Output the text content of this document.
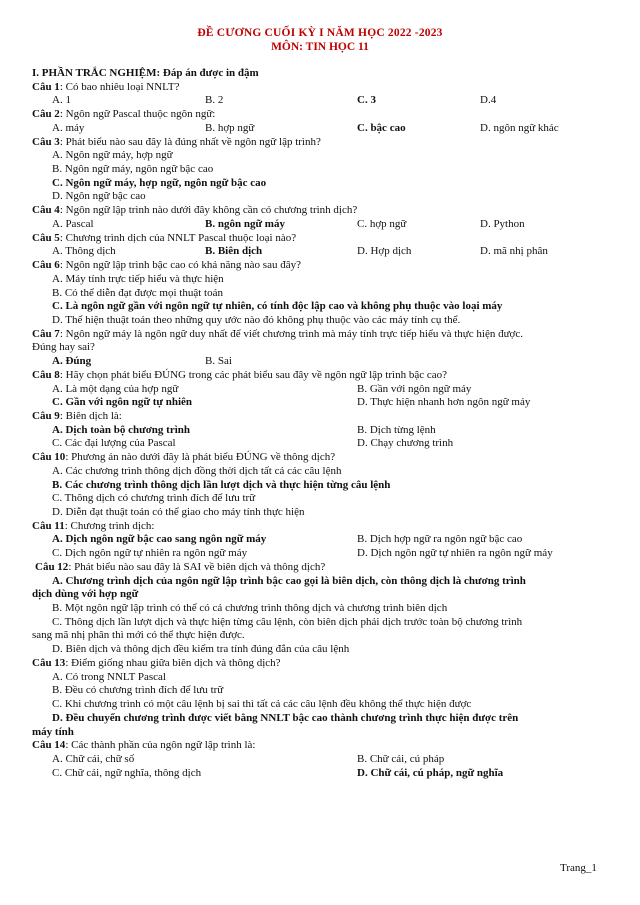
ĐỀ CƯƠNG CUỐI KỲ I NĂM HỌC 2022 -2023
MÔN: TIN HỌC 11
I. PHẦN TRẮC NGHIỆM: Đáp án được in đậm
Câu 1: Có bao nhiêu loại NNLT?
A. 1	B. 2	C. 3	D.4
Câu 2: Ngôn ngữ Pascal thuộc ngôn ngữ:
A. máy	B. hợp ngữ	C. bậc cao	D. ngôn ngữ khác
Câu 3: Phát biểu nào sau đây là đúng nhất về ngôn ngữ lập trình?
A. Ngôn ngữ máy, hợp ngữ
B. Ngôn ngữ máy, ngôn ngữ bậc cao
C. Ngôn ngữ máy, hợp ngữ, ngôn ngữ bậc cao
D. Ngôn ngữ bậc cao
Câu 4: Ngôn ngữ lập trình nào dưới đây không cần có chương trình dịch?
A. Pascal	B. ngôn ngữ máy	C. hợp ngữ	D. Python
Câu 5: Chương trình dịch của NNLT Pascal thuộc loại nào?
A. Thông dịch	B. Biên dịch	D. Hợp dịch	D. mã nhị phân
Câu 6: Ngôn ngữ lập trình bậc cao có khả năng nào sau đây?
A. Máy tính trực tiếp hiểu và thực hiện
B. Có thể diễn đạt được mọi thuật toán
C. Là ngôn ngữ gần với ngôn ngữ tự nhiên, có tính độc lập cao và không phụ thuộc vào loại máy
D. Thể hiện thuật toán theo những quy ước nào đó không phụ thuộc vào các máy tính cụ thể.
Câu 7: Ngôn ngữ máy là ngôn ngữ duy nhất để viết chương trình mà máy tính trực tiếp hiểu và thực hiện được.
Đúng hay sai?
A. Đúng	B. Sai
Câu 8: Hãy chọn phát biểu ĐÚNG trong các phát biểu sau đây về ngôn ngữ lập trình bậc cao?
A. Là một dạng của hợp ngữ	B. Gần với ngôn ngữ máy
C. Gần với ngôn ngữ tự nhiên	D. Thực hiện nhanh hơn ngôn ngữ máy
Câu 9: Biên dịch là:
A. Dịch toàn bộ chương trình	B. Dịch từng lệnh
C. Các đại lượng của Pascal	D. Chạy chương trình
Câu 10: Phương án nào dưới đây là phát biểu ĐÚNG về thông dịch?
A. Các chương trình thông dịch đồng thời dịch tất cả các câu lệnh
B. Các chương trình thông dịch lần lượt dịch và thực hiện từng câu lệnh
C. Thông dịch có chương trình đích để lưu trữ
D. Diễn đạt thuật toán có thể giao cho máy tính thực hiện
Câu 11: Chương trình dịch:
A. Dịch ngôn ngữ bậc cao sang ngôn ngữ máy	B. Dịch hợp ngữ ra ngôn ngữ bậc cao
C. Dịch ngôn ngữ tự nhiên ra ngôn ngữ máy	D. Dịch ngôn ngữ tự nhiên ra ngôn ngữ máy
Câu 12: Phát biểu nào sau đây là SAI về biên dịch và thông dịch?
A. Chương trình dịch của ngôn ngữ lập trình bậc cao gọi là biên dịch, còn thông dịch là chương trình
dịch dùng với hợp ngữ
B. Một ngôn ngữ lập trình có thể có cả chương trình thông dịch và chương trình biên dịch
C. Thông dịch lần lượt dịch và thực hiện từng câu lệnh, còn biên dịch phải dịch trước toàn bộ chương trình
sang mã nhị phân thì mới có thể thực hiện được.
D. Biên dịch và thông dịch đều kiểm tra tính đúng đắn của câu lệnh
Câu 13: Điểm giống nhau giữa biên dịch và thông dịch?
A. Có trong NNLT Pascal
B. Đều có chương trình đích để lưu trữ
C. Khi chương trình có một câu lệnh bị sai thì tất cả các câu lệnh đều không thể thực hiện được
D. Đều chuyển chương trình được viết bằng NNLT bậc cao thành chương trình thực hiện được trên
máy tính
Câu 14: Các thành phần của ngôn ngữ lập trình là:
A. Chữ cái, chữ số	B. Chữ cái, cú pháp
C. Chữ cái, ngữ nghĩa, thông dịch	D. Chữ cái, cú pháp, ngữ nghĩa
Trang_1
